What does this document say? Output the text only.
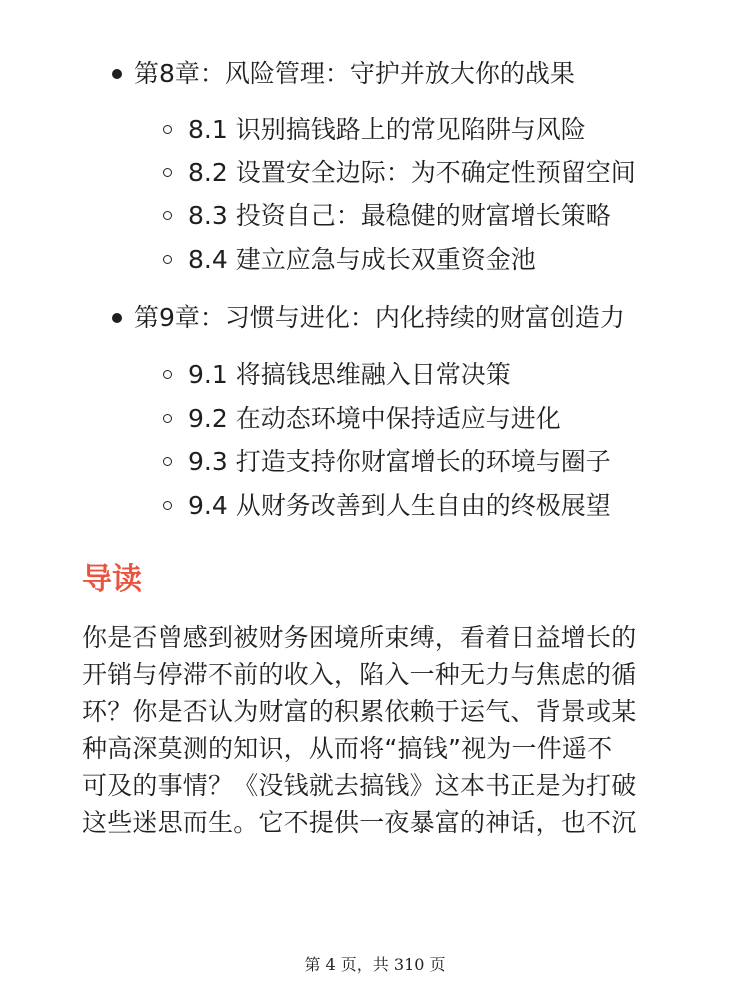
第8章：风险管理：守护并放大你的战果
8.1 识别搞钱路上的常见陷阱与风险
8.2 设置安全边际：为不确定性预留空间
8.3 投资自己：最稳健的财富增长策略
8.4 建立应急与成长双重资金池
第9章：习惯与进化：内化持续的财富创造力
9.1 将搞钱思维融入日常决策
9.2 在动态环境中保持适应与进化
9.3 打造支持你财富增长的环境与圈子
9.4 从财务改善到人生自由的终极展望
导读
你是否曾感到被财务困境所束缚，看着日益增长的
开销与停滞不前的收入，陷入一种无力与焦虑的循
环？你是否认为财富的积累依赖于运气、背景或某
种高深莫测的知识，从而将“搞钱”视为一件遥不
可及的事情？《没钱就去搞钱》这本书正是为打破
这些迷思而生。它不提供一夜暴富的神话，也不沉
第 4 页，共 310 页
